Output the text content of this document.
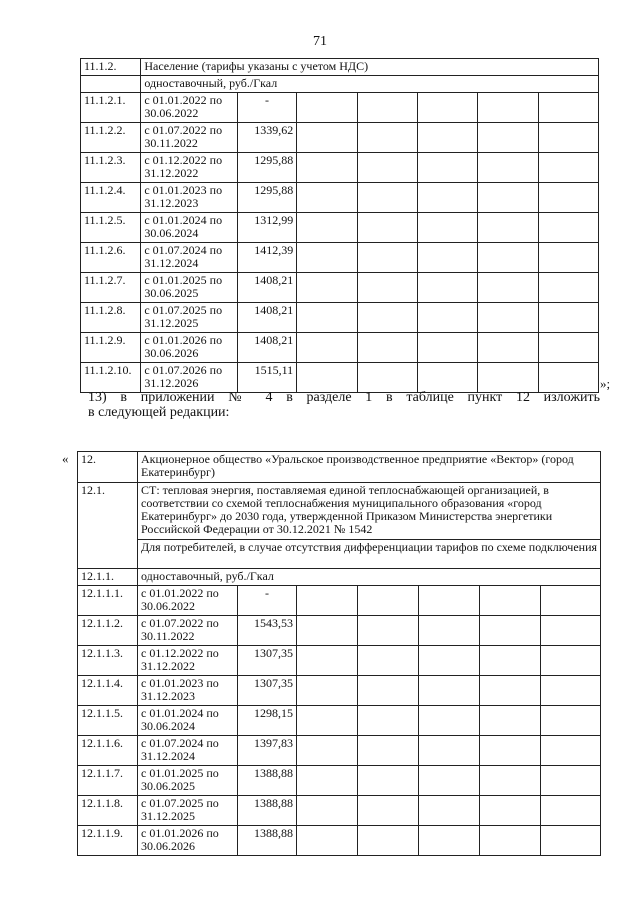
71
11.1.2.	Население (тарифы указаны с учетом НДС)						
	одноставочный, руб./Гкал						
11.1.2.1.	с 01.01.2022 по 30.06.2022	-					
11.1.2.2.	с 01.07.2022 по 30.11.2022	1339,62					
11.1.2.3.	с 01.12.2022 по 31.12.2022	1295,88					
11.1.2.4.	с 01.01.2023 по 31.12.2023	1295,88					
11.1.2.5.	с 01.01.2024 по 30.06.2024	1312,99					
11.1.2.6.	с 01.07.2024 по 31.12.2024	1412,39					
11.1.2.7.	с 01.01.2025 по 30.06.2025	1408,21					
11.1.2.8.	с 01.07.2025 по 31.12.2025	1408,21					
11.1.2.9.	с 01.01.2026 по 30.06.2026	1408,21					
11.1.2.10.	с 01.07.2026 по 31.12.2026	1515,11					
»;
13) в приложении № 4 в разделе 1 в таблице пункт 12 изложить
в следующей редакции:
« 12.	Акционерное общество «Уральское производственное предприятие «Вектор» (город Екатеринбург)						
12.1.	СТ: тепловая энергия, поставляемая единой теплоснабжающей организацией, в соответствии со схемой теплоснабжения муниципального образования «город Екатеринбург» до 2030 года, утвержденной Приказом Министерства энергетики Российской Федерации от 30.12.2021 № 1542						
	Для потребителей, в случае отсутствия дифференциации тарифов по схеме подключения						
12.1.1.	одноставочный, руб./Гкал						
12.1.1.1.	с 01.01.2022 по 30.06.2022	-					
12.1.1.2.	с 01.07.2022 по 30.11.2022	1543,53					
12.1.1.3.	с 01.12.2022 по 31.12.2022	1307,35					
12.1.1.4.	с 01.01.2023 по 31.12.2023	1307,35					
12.1.1.5.	с 01.01.2024 по 30.06.2024	1298,15					
12.1.1.6.	с 01.07.2024 по 31.12.2024	1397,83					
12.1.1.7.	с 01.01.2025 по 30.06.2025	1388,88					
12.1.1.8.	с 01.07.2025 по 31.12.2025	1388,88					
12.1.1.9.	с 01.01.2026 по 30.06.2026	1388,88					
